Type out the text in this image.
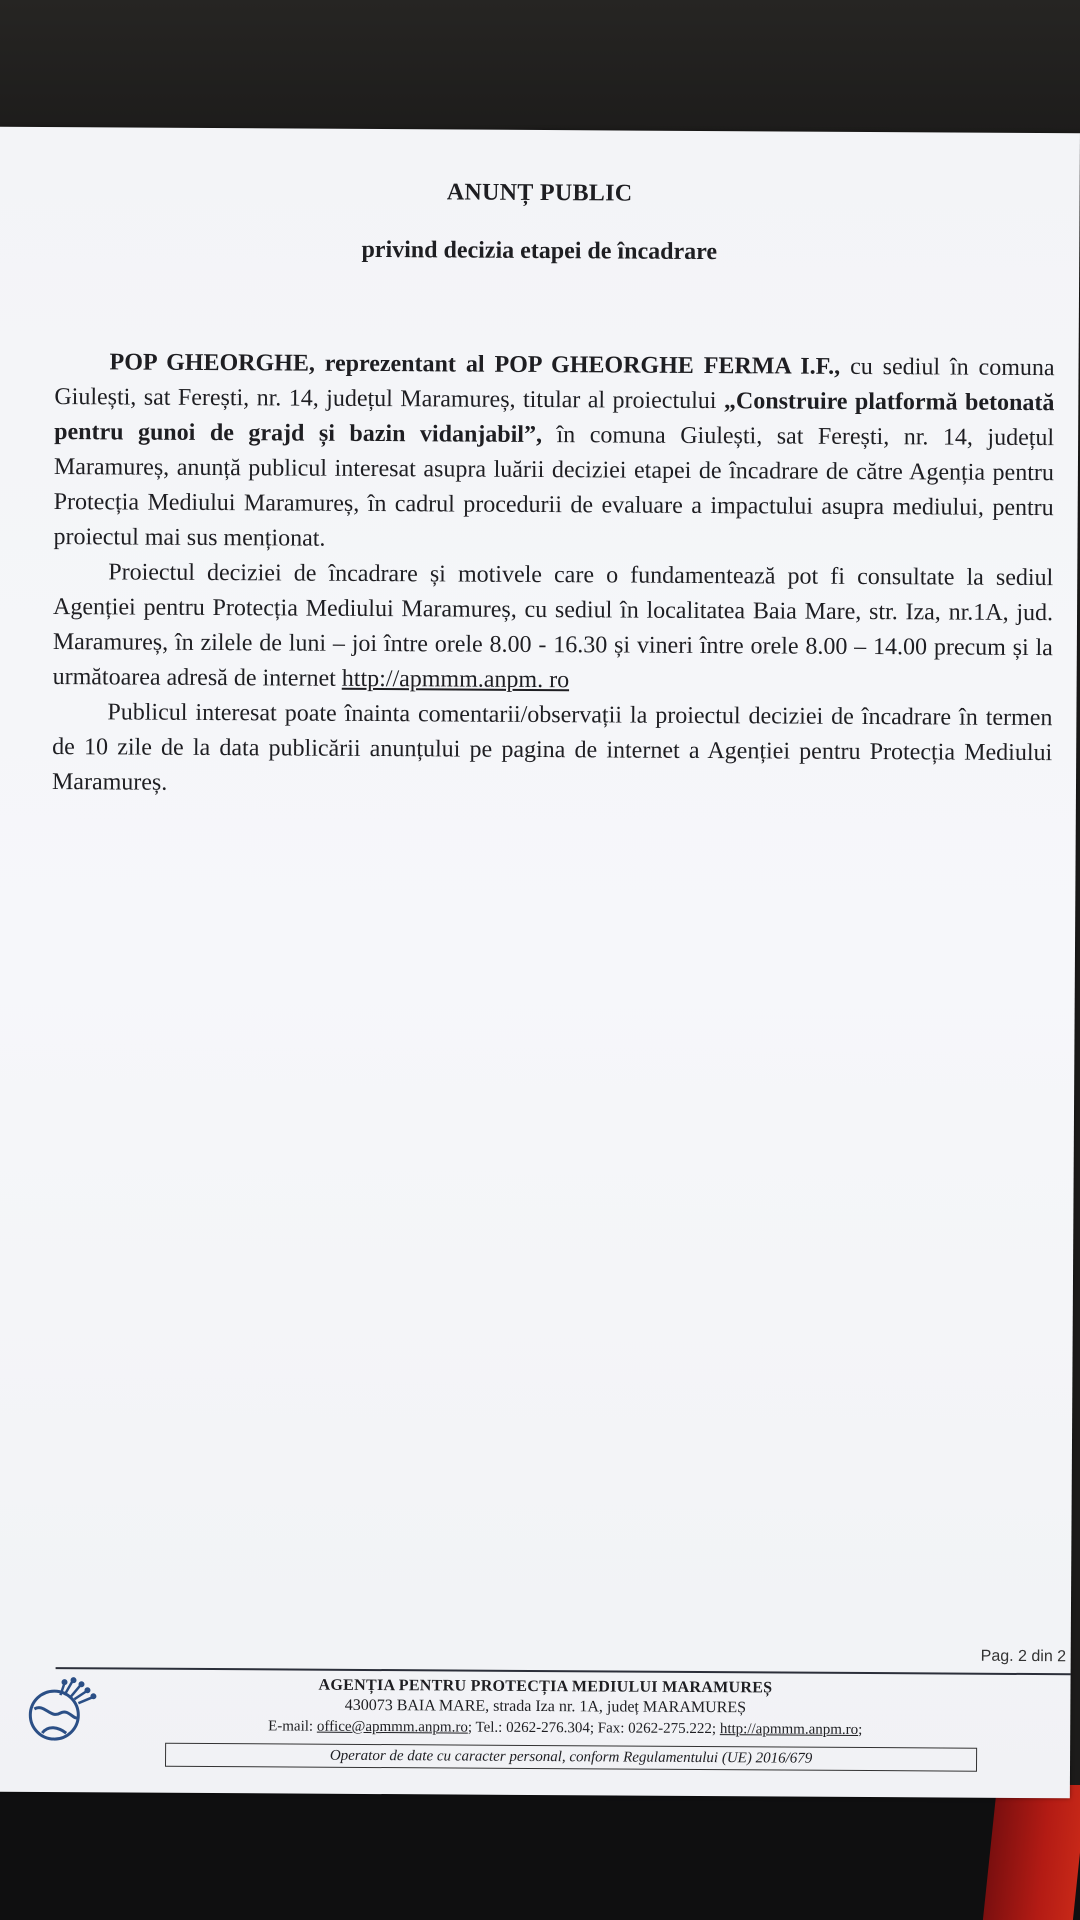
ANUNȚ PUBLIC
privind decizia etapei de încadrare

POP GHEORGHE, reprezentant al POP GHEORGHE FERMA I.F., cu sediul în comuna Giulești, sat Ferești, nr. 14, județul Maramureș, titular al proiectului „Construire platformă betonată pentru gunoi de grajd și bazin vidanjabil”, în comuna Giulești, sat Ferești, nr. 14, județul Maramureș, anunță publicul interesat asupra luării deciziei etapei de încadrare de către Agenția pentru Protecția Mediului Maramureș, în cadrul procedurii de evaluare a impactului asupra mediului, pentru proiectul mai sus menționat.

Proiectul deciziei de încadrare și motivele care o fundamentează pot fi consultate la sediul Agenției pentru Protecția Mediului Maramureș, cu sediul în localitatea Baia Mare, str. Iza, nr.1A, jud. Maramureș, în zilele de luni – joi între orele 8.00 - 16.30 și vineri între orele 8.00 – 14.00 precum și la următoarea adresă de internet http://apmmm.anpm. ro

Publicul interesat poate înainta comentarii/observații la proiectul deciziei de încadrare în termen de 10 zile de la data publicării anunțului pe pagina de internet a Agenției pentru Protecția Mediului Maramureș.

Pag. 2 din 2
AGENȚIA PENTRU PROTECȚIA MEDIULUI MARAMUREȘ
430073 BAIA MARE, strada Iza nr. 1A, județ MARAMUREȘ
E-mail: office@apmmm.anpm.ro; Tel.: 0262-276.304; Fax: 0262-275.222; http://apmmm.anpm.ro;
Operator de date cu caracter personal, conform Regulamentului (UE) 2016/679
